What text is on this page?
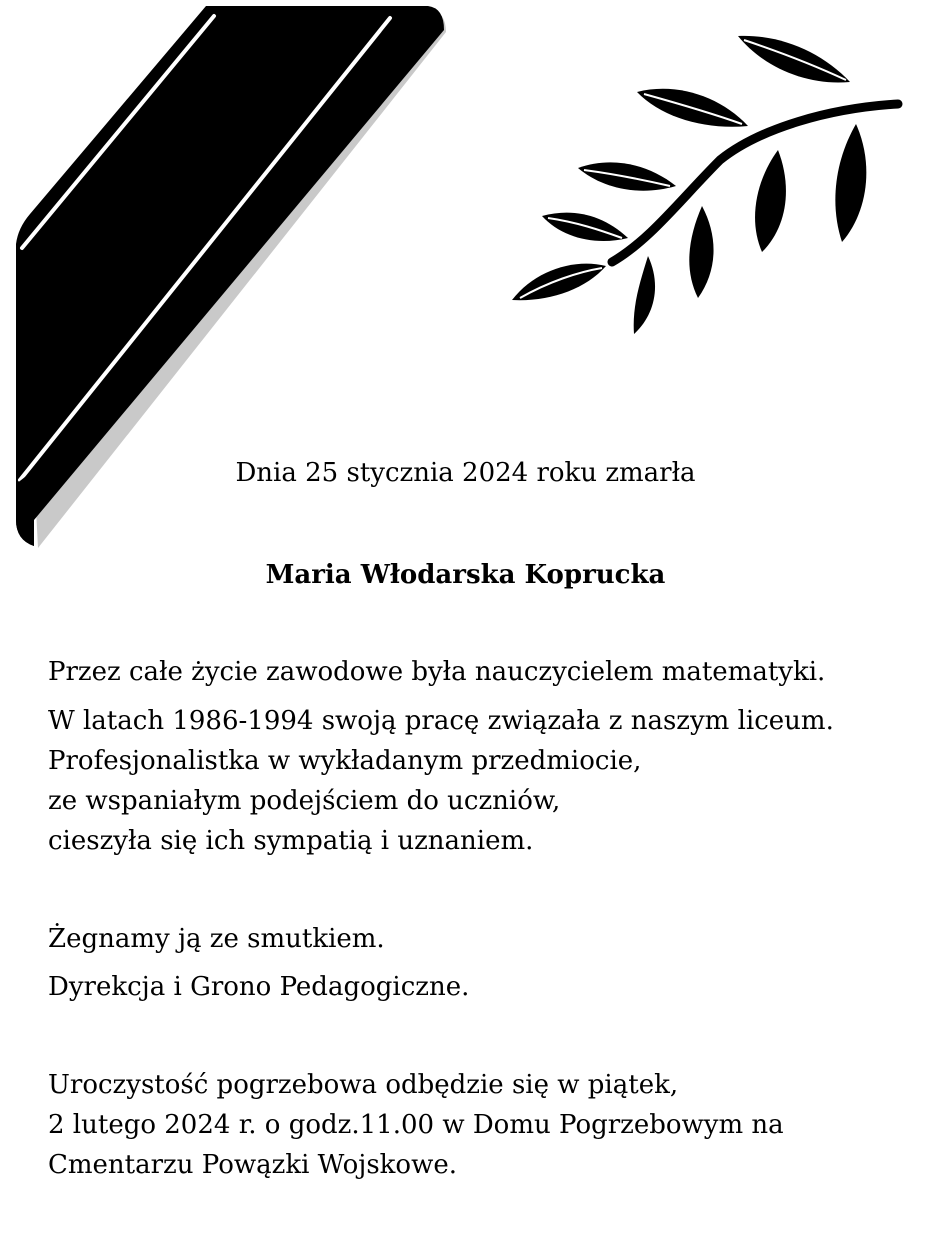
Dnia 25 stycznia 2024 roku zmarła

Maria Włodarska Koprucka

Przez całe życie zawodowe była nauczycielem matematyki.

W latach 1986-1994 swoją pracę związała z naszym liceum.

Profesjonalistka w wykładanym przedmiocie,

ze wspaniałym podejściem do uczniów,

cieszyła się ich sympatią i uznaniem.

Żegnamy ją ze smutkiem.

Dyrekcja i Grono Pedagogiczne.

Uroczystość pogrzebowa odbędzie się w piątek,

2 lutego 2024 r. o godz.11.00 w Domu Pogrzebowym na

Cmentarzu Powązki Wojskowe.
